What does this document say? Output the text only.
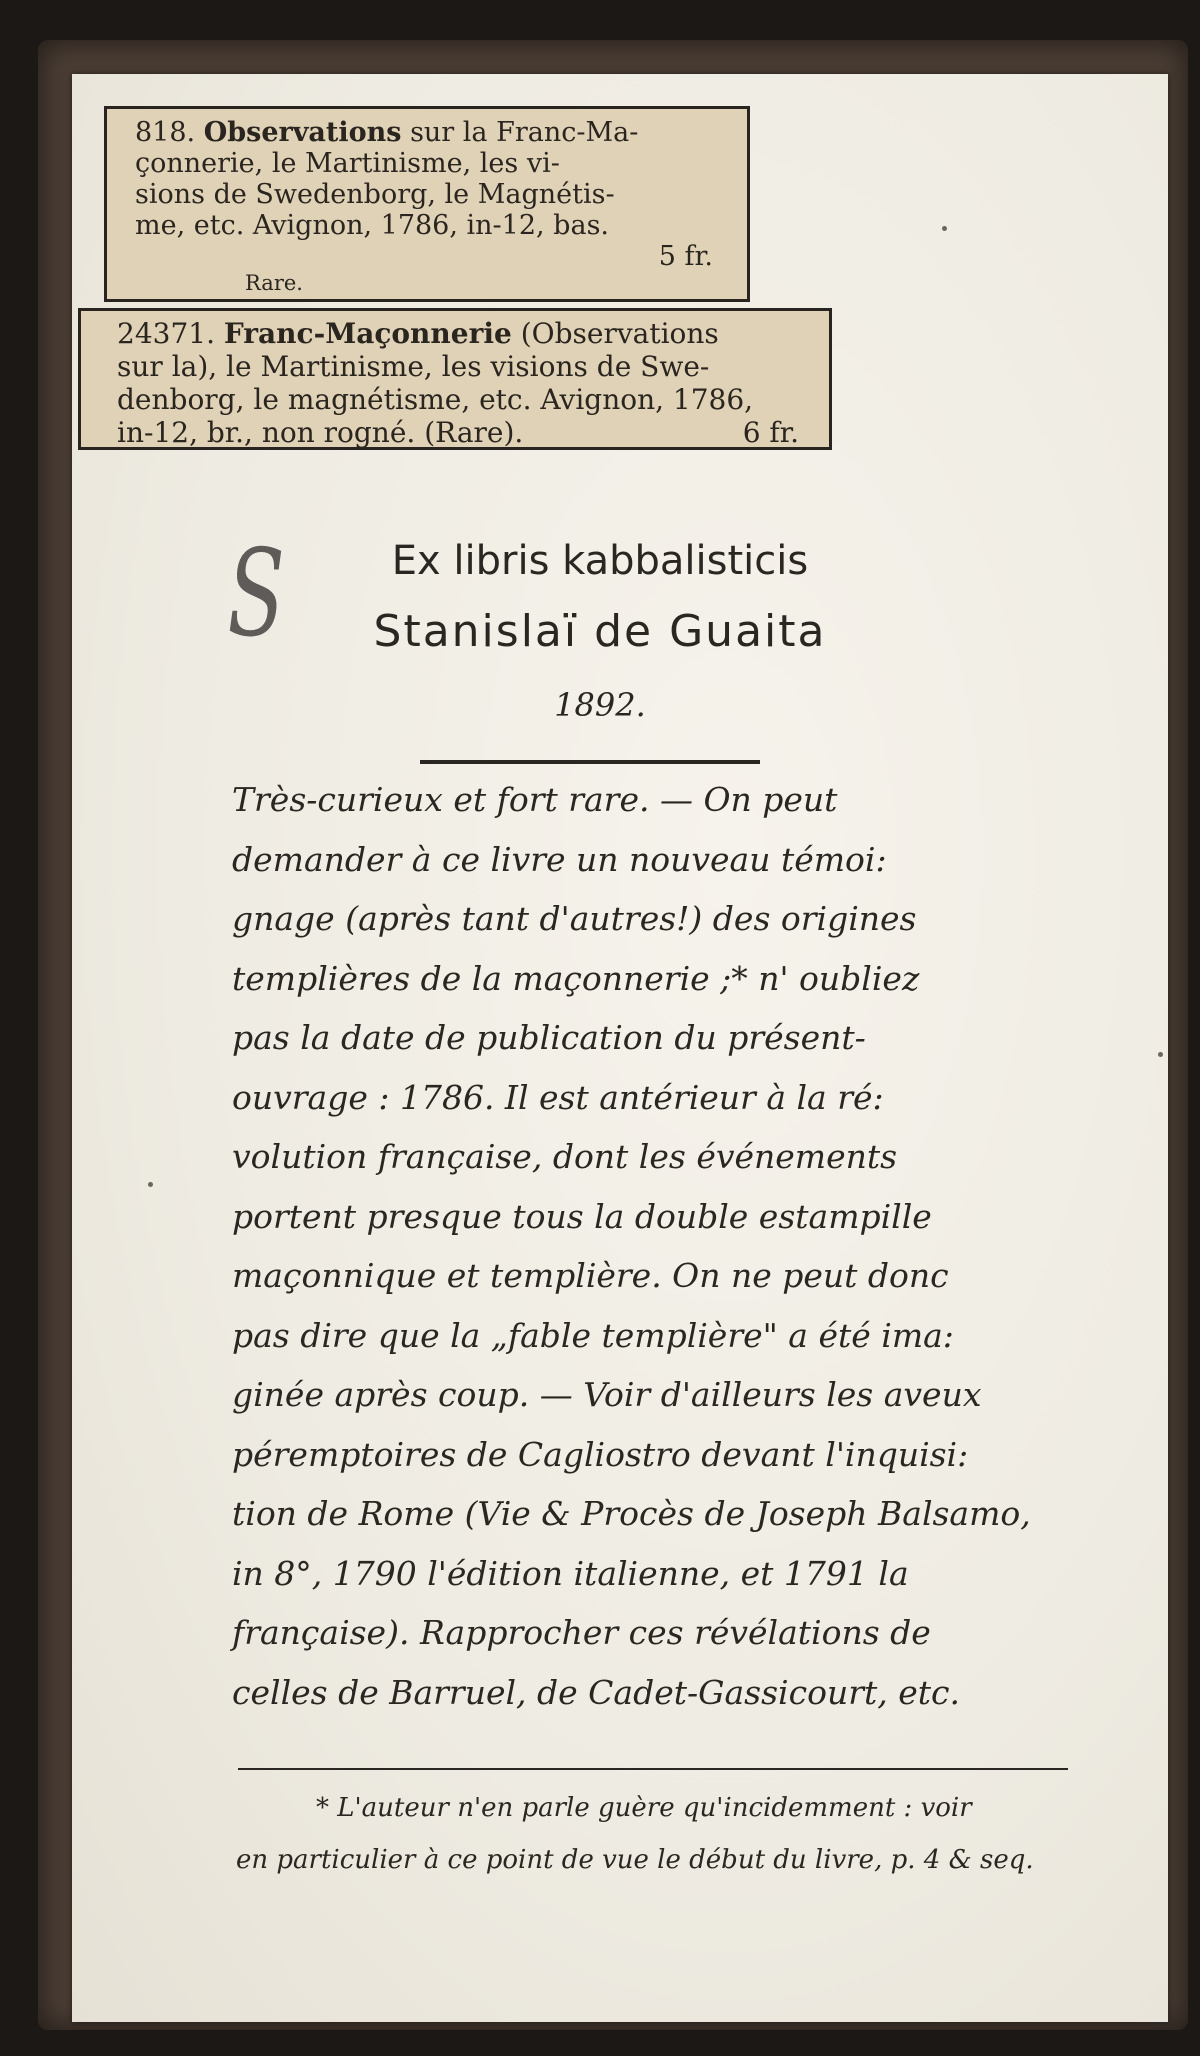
818. Observations sur la Franc-Ma-
çonnerie, le Martinisme, les vi-
sions de Swedenborg, le Magnétis-
me, etc. Avignon, 1786, in-12, bas.
5 fr.
Rare.
24371. Franc-Maçonnerie (Observations
sur la), le Martinisme, les visions de Swe-
denborg, le magnétisme, etc. Avignon, 1786,
in-12, br., non rogné. (Rare).	6 fr.
S	Ex libris kabbalisticis
Stanislaï de Guaita
1892.
Très-curieux et fort rare. — On peut
demander à ce livre un nouveau témoi:
gnage (après tant d'autres!) des origines
templières de la maçonnerie ;* n' oubliez
pas la date de publication du présent-
ouvrage : 1786. Il est antérieur à la ré:
volution française, dont les événements
portent presque tous la double estampille
maçonnique et templière. On ne peut donc
pas dire que la „fable templière" a été ima:
ginée après coup. — Voir d'ailleurs les aveux
péremptoires de Cagliostro devant l'inquisi:
tion de Rome (Vie & Procès de Joseph Balsamo,
in 8°, 1790 l'édition italienne, et 1791 la
française). Rapprocher ces révélations de
celles de Barruel, de Cadet-Gassicourt, etc.
* L'auteur n'en parle guère qu'incidemment : voir
en particulier à ce point de vue le début du livre, p. 4 & seq.
